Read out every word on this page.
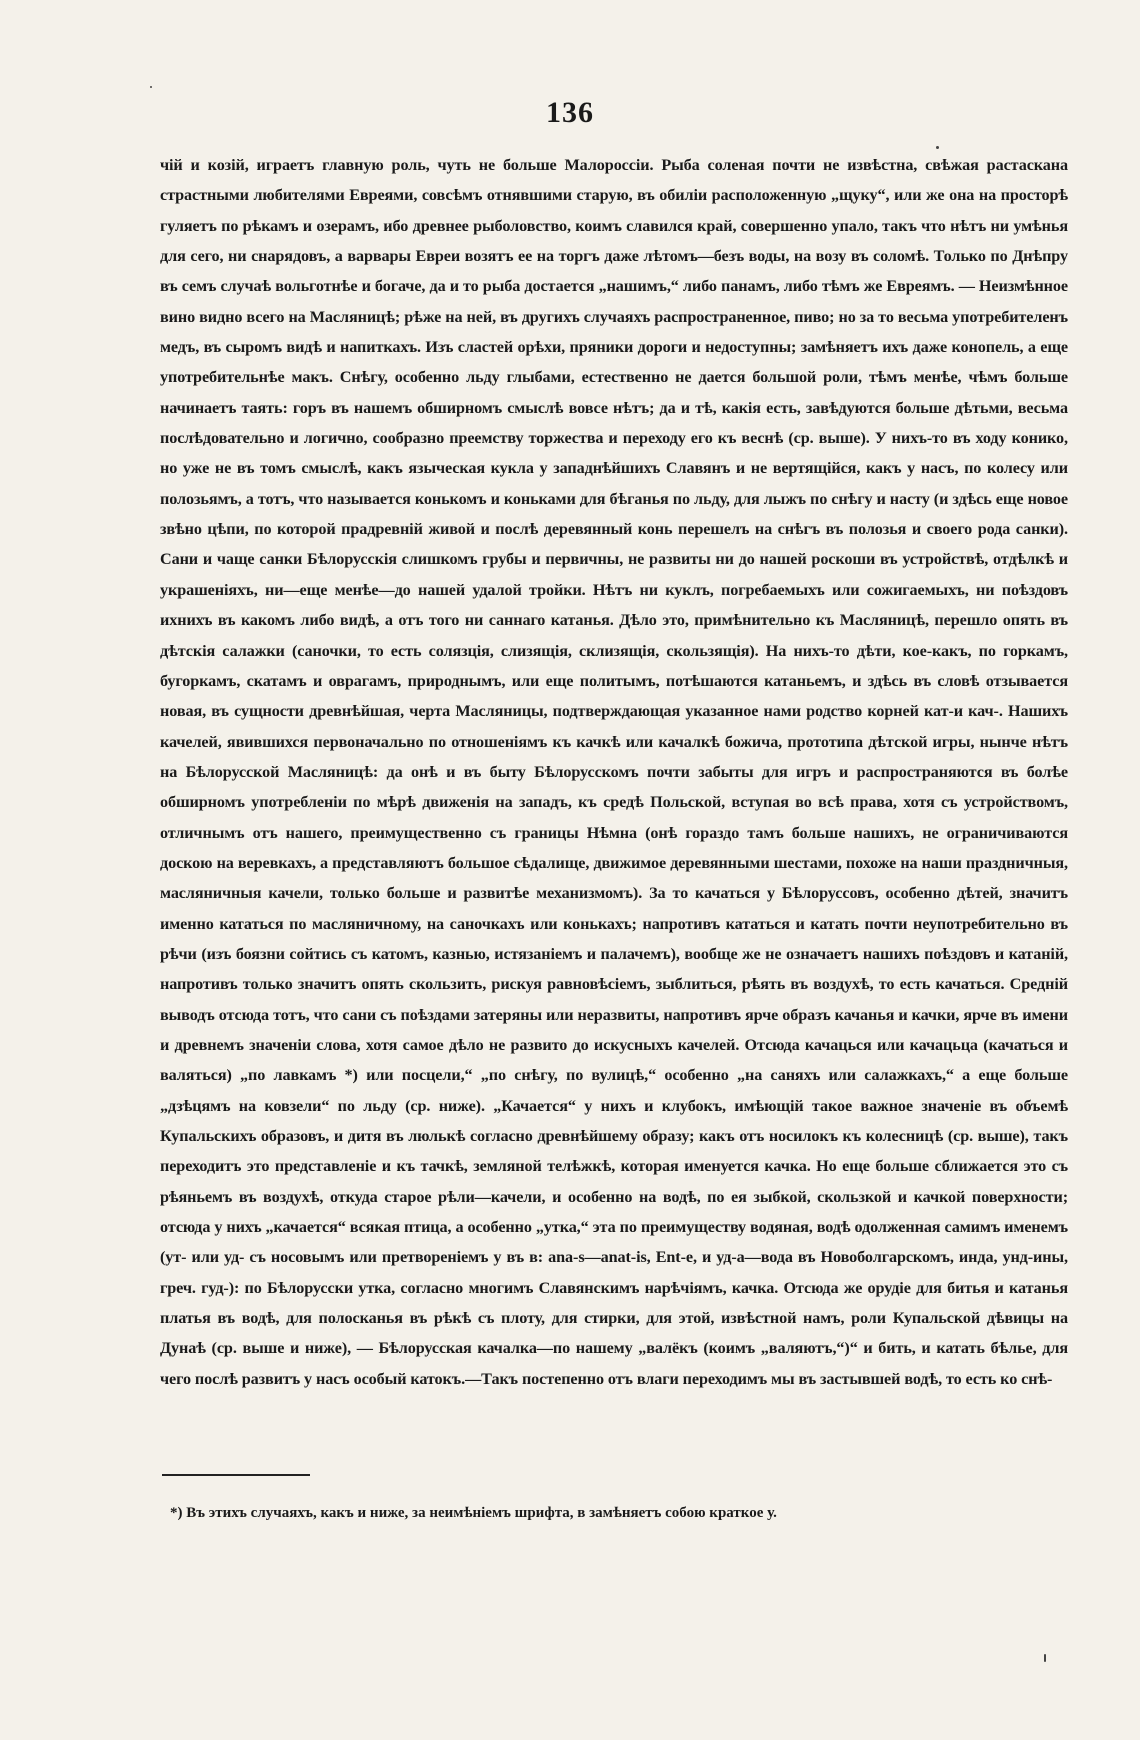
136

чій и козій, играетъ главную роль, чуть не больше Малороссіи. Рыба соленая почти не извѣстна, свѣжая растаскана страстными любителями Евреями, совсѣмъ отнявшими старую, въ обиліи расположенную „щуку“, или же она на просторѣ гуляетъ по рѣкамъ и озерамъ, ибо древнее рыболовство, коимъ славился край, совершенно упало, такъ что нѣтъ ни умѣнья для сего, ни снарядовъ, а варвары Евреи возятъ ее на торгъ даже лѣтомъ—безъ воды, на возу въ соломѣ. Только по Днѣпру въ семъ случаѣ вольготнѣе и богаче, да и то рыба достается „нашимъ,“ либо панамъ, либо тѣмъ же Евреямъ. — Неизмѣнное вино видно всего на Масляницѣ; рѣже на ней, въ другихъ случаяхъ распространенное, пиво; но за то весьма употребителенъ медъ, въ сыромъ видѣ и напиткахъ. Изъ сластей орѣхи, пряники дороги и недоступны; замѣняетъ ихъ даже конопель, а еще употребительнѣе макъ. Снѣгу, особенно льду глыбами, естественно не дается большой роли, тѣмъ менѣе, чѣмъ больше начинаетъ таять: горъ въ нашемъ обширномъ смыслѣ вовсе нѣтъ; да и тѣ, какія есть, завѣдуются больше дѣтьми, весьма послѣдовательно и логично, сообразно преемству торжества и переходу его къ веснѣ (ср. выше). У нихъ-то въ ходу конико, но уже не въ томъ смыслѣ, какъ языческая кукла у западнѣйшихъ Славянъ и не вертящійся, какъ у насъ, по колесу или полозьямъ, а тотъ, что называется конькомъ и коньками для бѣганья по льду, для лыжъ по снѣгу и насту (и здѣсь еще новое звѣно цѣпи, по которой прадревній живой и послѣ деревянный конь перешелъ на снѣгъ въ полозья и своего рода санки). Сани и чаще санки Бѣлорусскія слишкомъ грубы и первичны, не развиты ни до нашей роскоши въ устройствѣ, отдѣлкѣ и украшеніяхъ, ни—еще менѣе—до нашей удалой тройки. Нѣтъ ни куклъ, погребаемыхъ или сожигаемыхъ, ни поѣздовъ ихнихъ въ какомъ либо видѣ, а отъ того ни саннаго катанья. Дѣло это, примѣнительно къ Масляницѣ, перешло опять въ дѣтскія салажки (саночки, то есть солязція, слизящія, склизящія, скользящія). На нихъ-то дѣти, кое-какъ, по горкамъ, бугоркамъ, скатамъ и оврагамъ, природнымъ, или еще политымъ, потѣшаются катаньемъ, и здѣсь въ словѣ отзывается новая, въ сущности древнѣйшая, черта Масляницы, подтверждающая указанное нами родство корней кат-и кач-. Нашихъ качелей, явившихся первоначально по отношеніямъ къ качкѣ или качалкѣ божича, прототипа дѣтской игры, нынче нѣтъ на Бѣлорусской Масляницѣ: да онѣ и въ быту Бѣлорусскомъ почти забыты для игръ и распространяются въ болѣе обширномъ употребленіи по мѣрѣ движенія на западъ, къ средѣ Польской, вступая во всѣ права, хотя съ устройствомъ, отличнымъ отъ нашего, преимущественно съ границы Нѣмна (онѣ гораздо тамъ больше нашихъ, не ограничиваются доскою на веревкахъ, а представляютъ большое сѣдалище, движимое деревянными шестами, похоже на наши праздничныя, масляничныя качели, только больше и развитѣе механизмомъ). За то качаться у Бѣлоруссовъ, особенно дѣтей, значитъ именно кататься по масляничному, на саночкахъ или конькахъ; напротивъ кататься и катать почти неупотребительно въ рѣчи (изъ боязни сойтись съ катомъ, казнью, истязаніемъ и палачемъ), вообще же не означаетъ нашихъ поѣздовъ и катаній, напротивъ только значитъ опять скользить, рискуя равновѣсіемъ, зыблиться, рѣять въ воздухѣ, то есть качаться. Средній выводъ отсюда тотъ, что сани съ поѣздами затеряны или неразвиты, напротивъ ярче образъ качанья и качки, ярче въ имени и древнемъ значеніи слова, хотя самое дѣло не развито до искусныхъ качелей. Отсюда качацься или качацьца (качаться и валяться) „по лавкамъ *) или посцели,“ „по снѣгу, по вулицѣ,“ особенно „на саняхъ или салажкахъ,“ а еще больше „дзѣцямъ на ковзели“ по льду (ср. ниже). „Качается“ у нихъ и клубокъ, имѣющій такое важное значеніе въ объемѣ Купальскихъ образовъ, и дитя въ люлькѣ согласно древнѣйшему образу; какъ отъ носилокъ къ колесницѣ (ср. выше), такъ переходитъ это представленіе и къ тачкѣ, земляной телѣжкѣ, которая именуется качка. Но еще больше сближается это съ рѣяньемъ въ воздухѣ, откуда старое рѣли—качели, и особенно на водѣ, по ея зыбкой, скользкой и качкой поверхности; отсюда у нихъ „качается“ всякая птица, а особенно „утка,“ эта по преимуществу водяная, водѣ одолженная самимъ именемъ (ут- или уд- съ носовымъ или претвореніемъ у въ в: ana-s—anat-is, Ent-e, и уд-а—вода въ Новоболгарскомъ, инда, унд-ины, греч. гуд-): по Бѣлорусски утка, согласно многимъ Славянскимъ нарѣчіямъ, качка. Отсюда же орудіе для битья и катанья платья въ водѣ, для полосканья въ рѣкѣ съ плоту, для стирки, для этой, извѣстной намъ, роли Купальской дѣвицы на Дунаѣ (ср. выше и ниже), — Бѣлорусская качалка—по нашему „валёкъ (коимъ „валяютъ,“)“ и бить, и катать бѣлье, для чего послѣ развитъ у насъ особый катокъ.—Такъ постепенно отъ влаги переходимъ мы въ застывшей водѣ, то есть ко снѣ-

*) Въ этихъ случаяхъ, какъ и ниже, за неимѣніемъ шрифта, в замѣняетъ собою краткое у.
